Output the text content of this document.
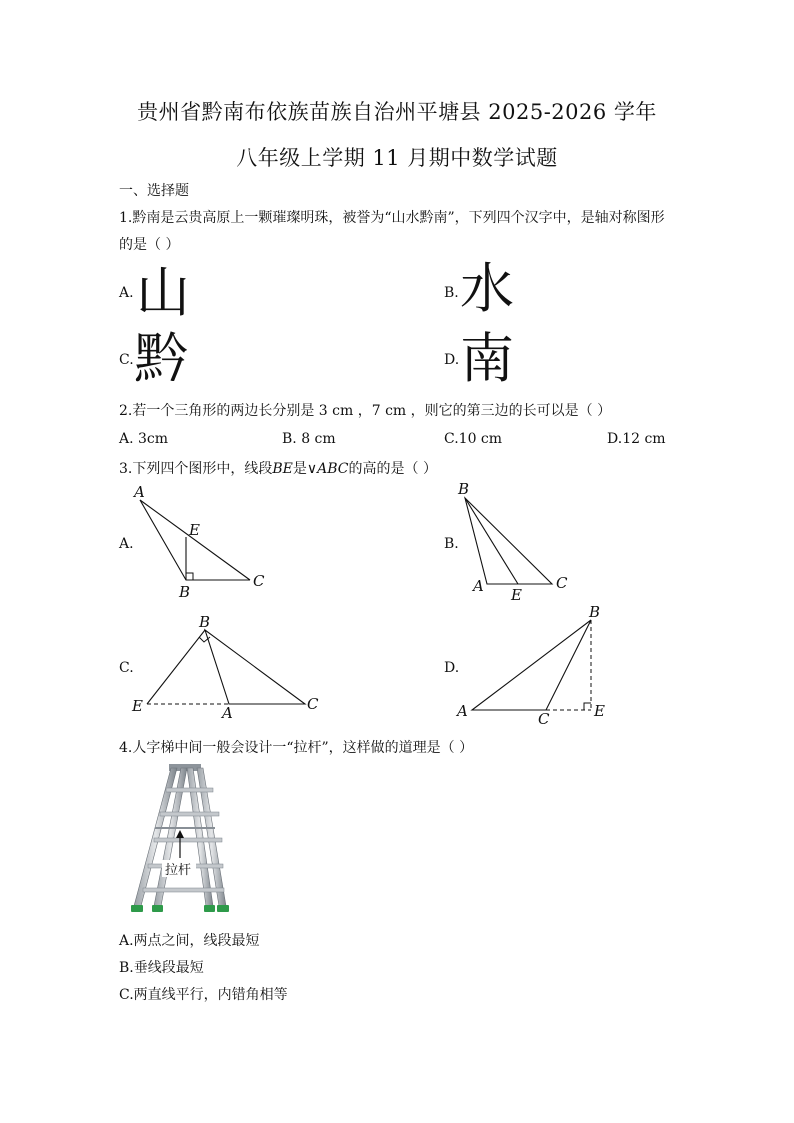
贵州省黔南布依族苗族自治州平塘县 2025-2026 学年
八年级上学期 11 月期中数学试题
一、选择题
1.黔南是云贵高原上一颗璀璨明珠，被誉为“山水黔南”，下列四个汉字中，是轴对称图形
的是（ ）
A. 山	B. 水
C. 黔	D. 南
2.若一个三角形的两边长分别是 3 cm ，7 cm ，则它的第三边的长可以是（ ）
A. 3cm	B. 8 cm	C.10 cm	D.12 cm
3.下列四个图形中，线段BE是∨ABC的高的是（ ）
A.
A
E
B
C
B.
B
A E
C
C.
B
E	A	C
D.
B
A	C	E
4.人字梯中间一般会设计一“拉杆”，这样做的道理是（ ）
拉杆
A.两点之间，线段最短
B.垂线段最短
C.两直线平行，内错角相等
